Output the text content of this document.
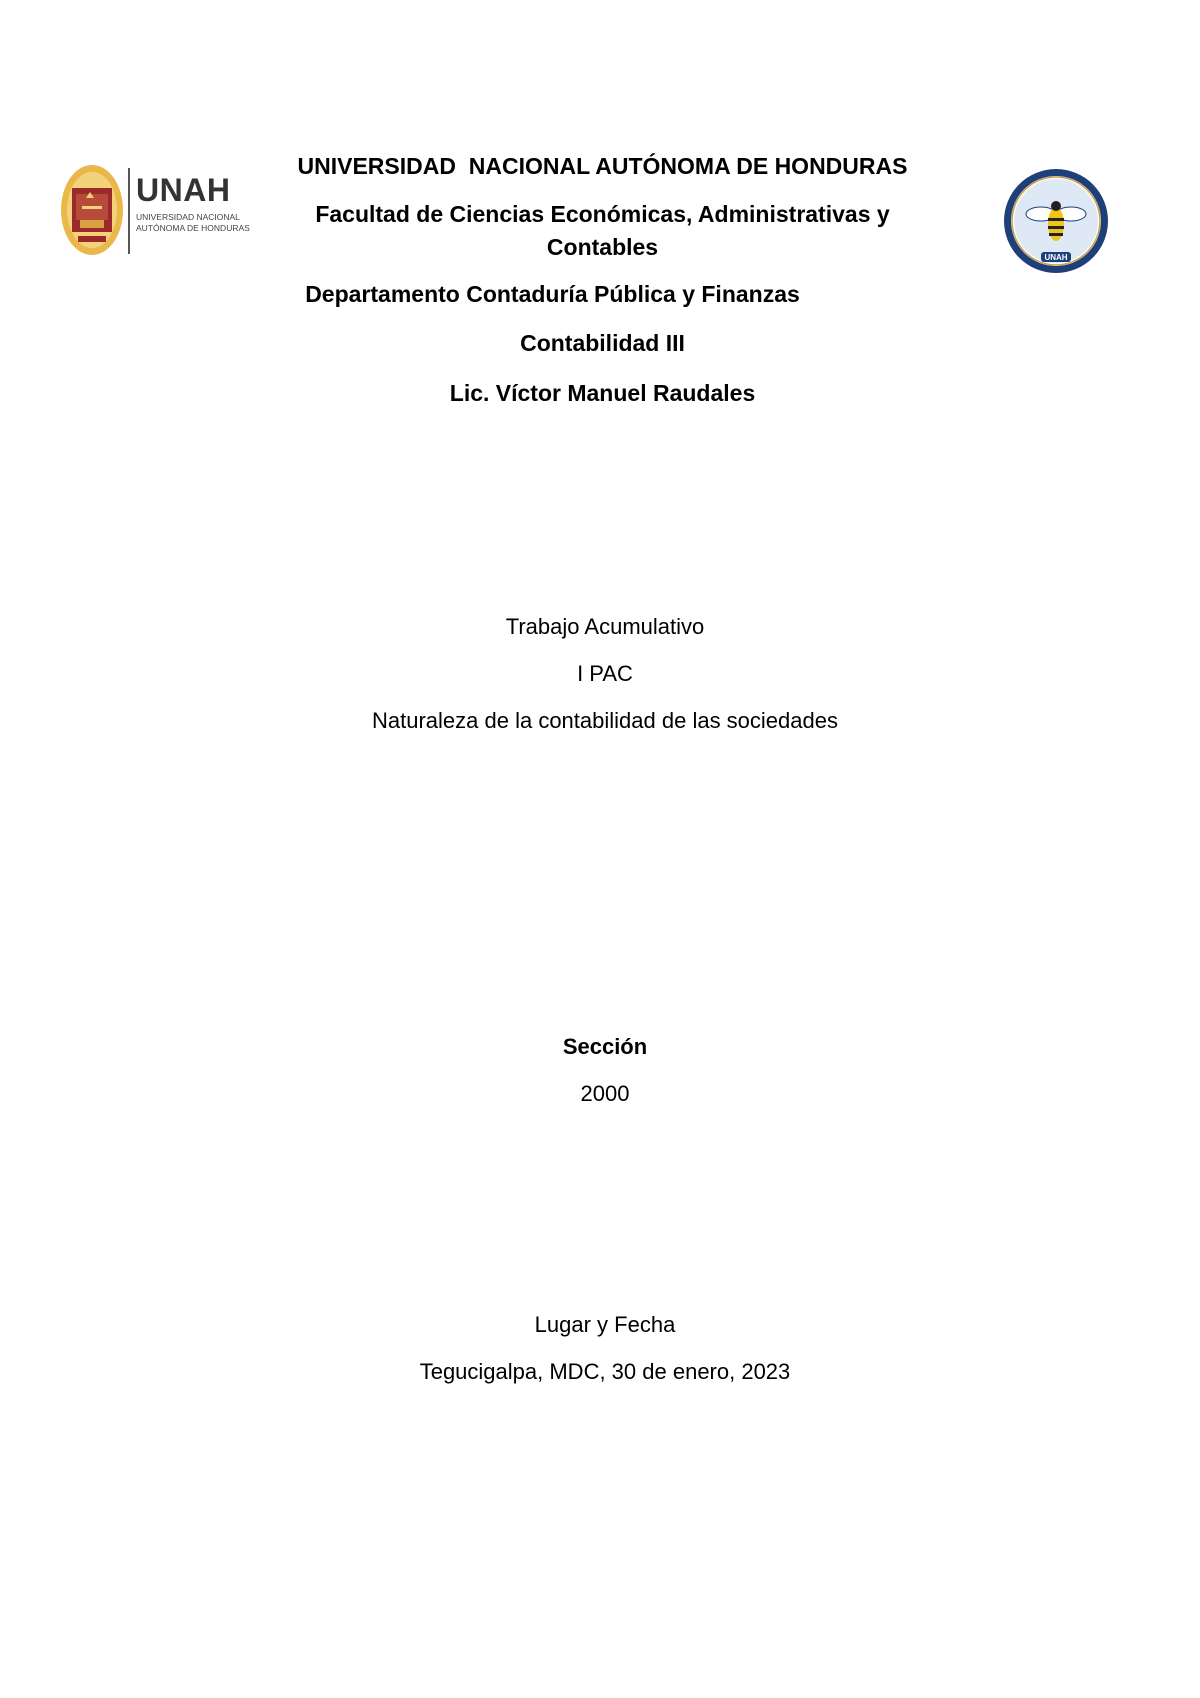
UNAH
UNIVERSIDAD NACIONAL
AUTÓNOMA DE HONDURAS
UNIVERSIDAD  NACIONAL AUTÓNOMA DE HONDURAS
Facultad de Ciencias Económicas, Administrativas y
Contables
Departamento Contaduría Pública y Finanzas
Contabilidad III
Lic. Víctor Manuel Raudales
UNAH
Trabajo Acumulativo
I PAC
Naturaleza de la contabilidad de las sociedades
Sección
2000
Lugar y Fecha
Tegucigalpa, MDC, 30 de enero, 2023
